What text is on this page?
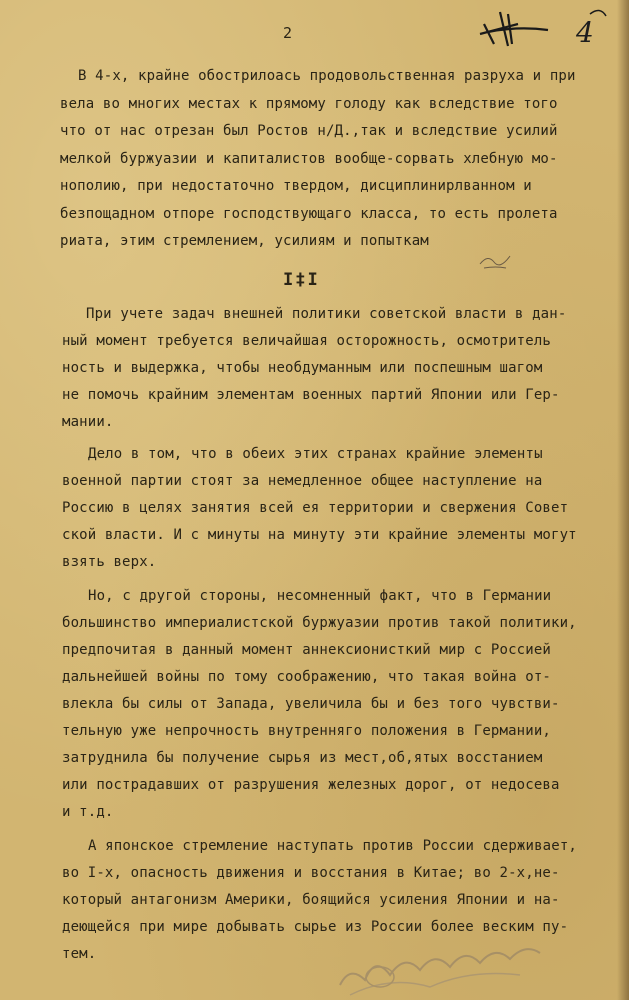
2	4
В 4-х, крайне обострилоась продовольственная разруха и при
вела во многих местах к прямому голоду как вследствие того
что от нас отрезан был Ростов н/Д.,так и вследствие усилий
мелкой буржуазии и капиталистов вообще-сорвать хлебную мо-
нополию, при недостаточно твердом, дисциплинирлванном и
безпощадном отпоре господствующаго класса, то есть пролета
риата, этим стремлением, усилиям и попыткам
I‡I
При учете задач внешней политики советской власти в дан-
ный момент требуется величайшая осторожность, осмотритель
ность и выдержка, чтобы необдуманным или поспешным шагом
не помочь крайним элементам военных партий Японии или Гер-
мании.
Дело в том, что в обеих этих странах крайние элементы
военной партии стоят за немедленное общее наступление на
Россию в целях занятия всей ея территории и свержения Совет
ской власти. И с минуты на минуту эти крайние элементы могут
взять верх.
Но, с другой стороны, несомненный факт, что в Германии
большинство империалистской буржуазии против такой политики,
предпочитая в данный момент аннексионисткий мир с Россией
дальнейшей войны по тому соображению, что такая война от-
влекла бы силы от Запада, увеличила бы и без того чувстви-
тельную уже непрочность внутренняго положения в Германии,
затруднила бы получение сырья из мест,об,ятых восстанием
или пострадавших от разрушения железных дорог, от недосева
и т.д.
А японское стремление наступать против России сдерживает,
во I-х, опасность движения и восстания в Китае; во 2-х,не-
который антагонизм Америки, боящийся усиления Японии и на-
деющейся при мире добывать сырье из России более веским пу-
тем.
